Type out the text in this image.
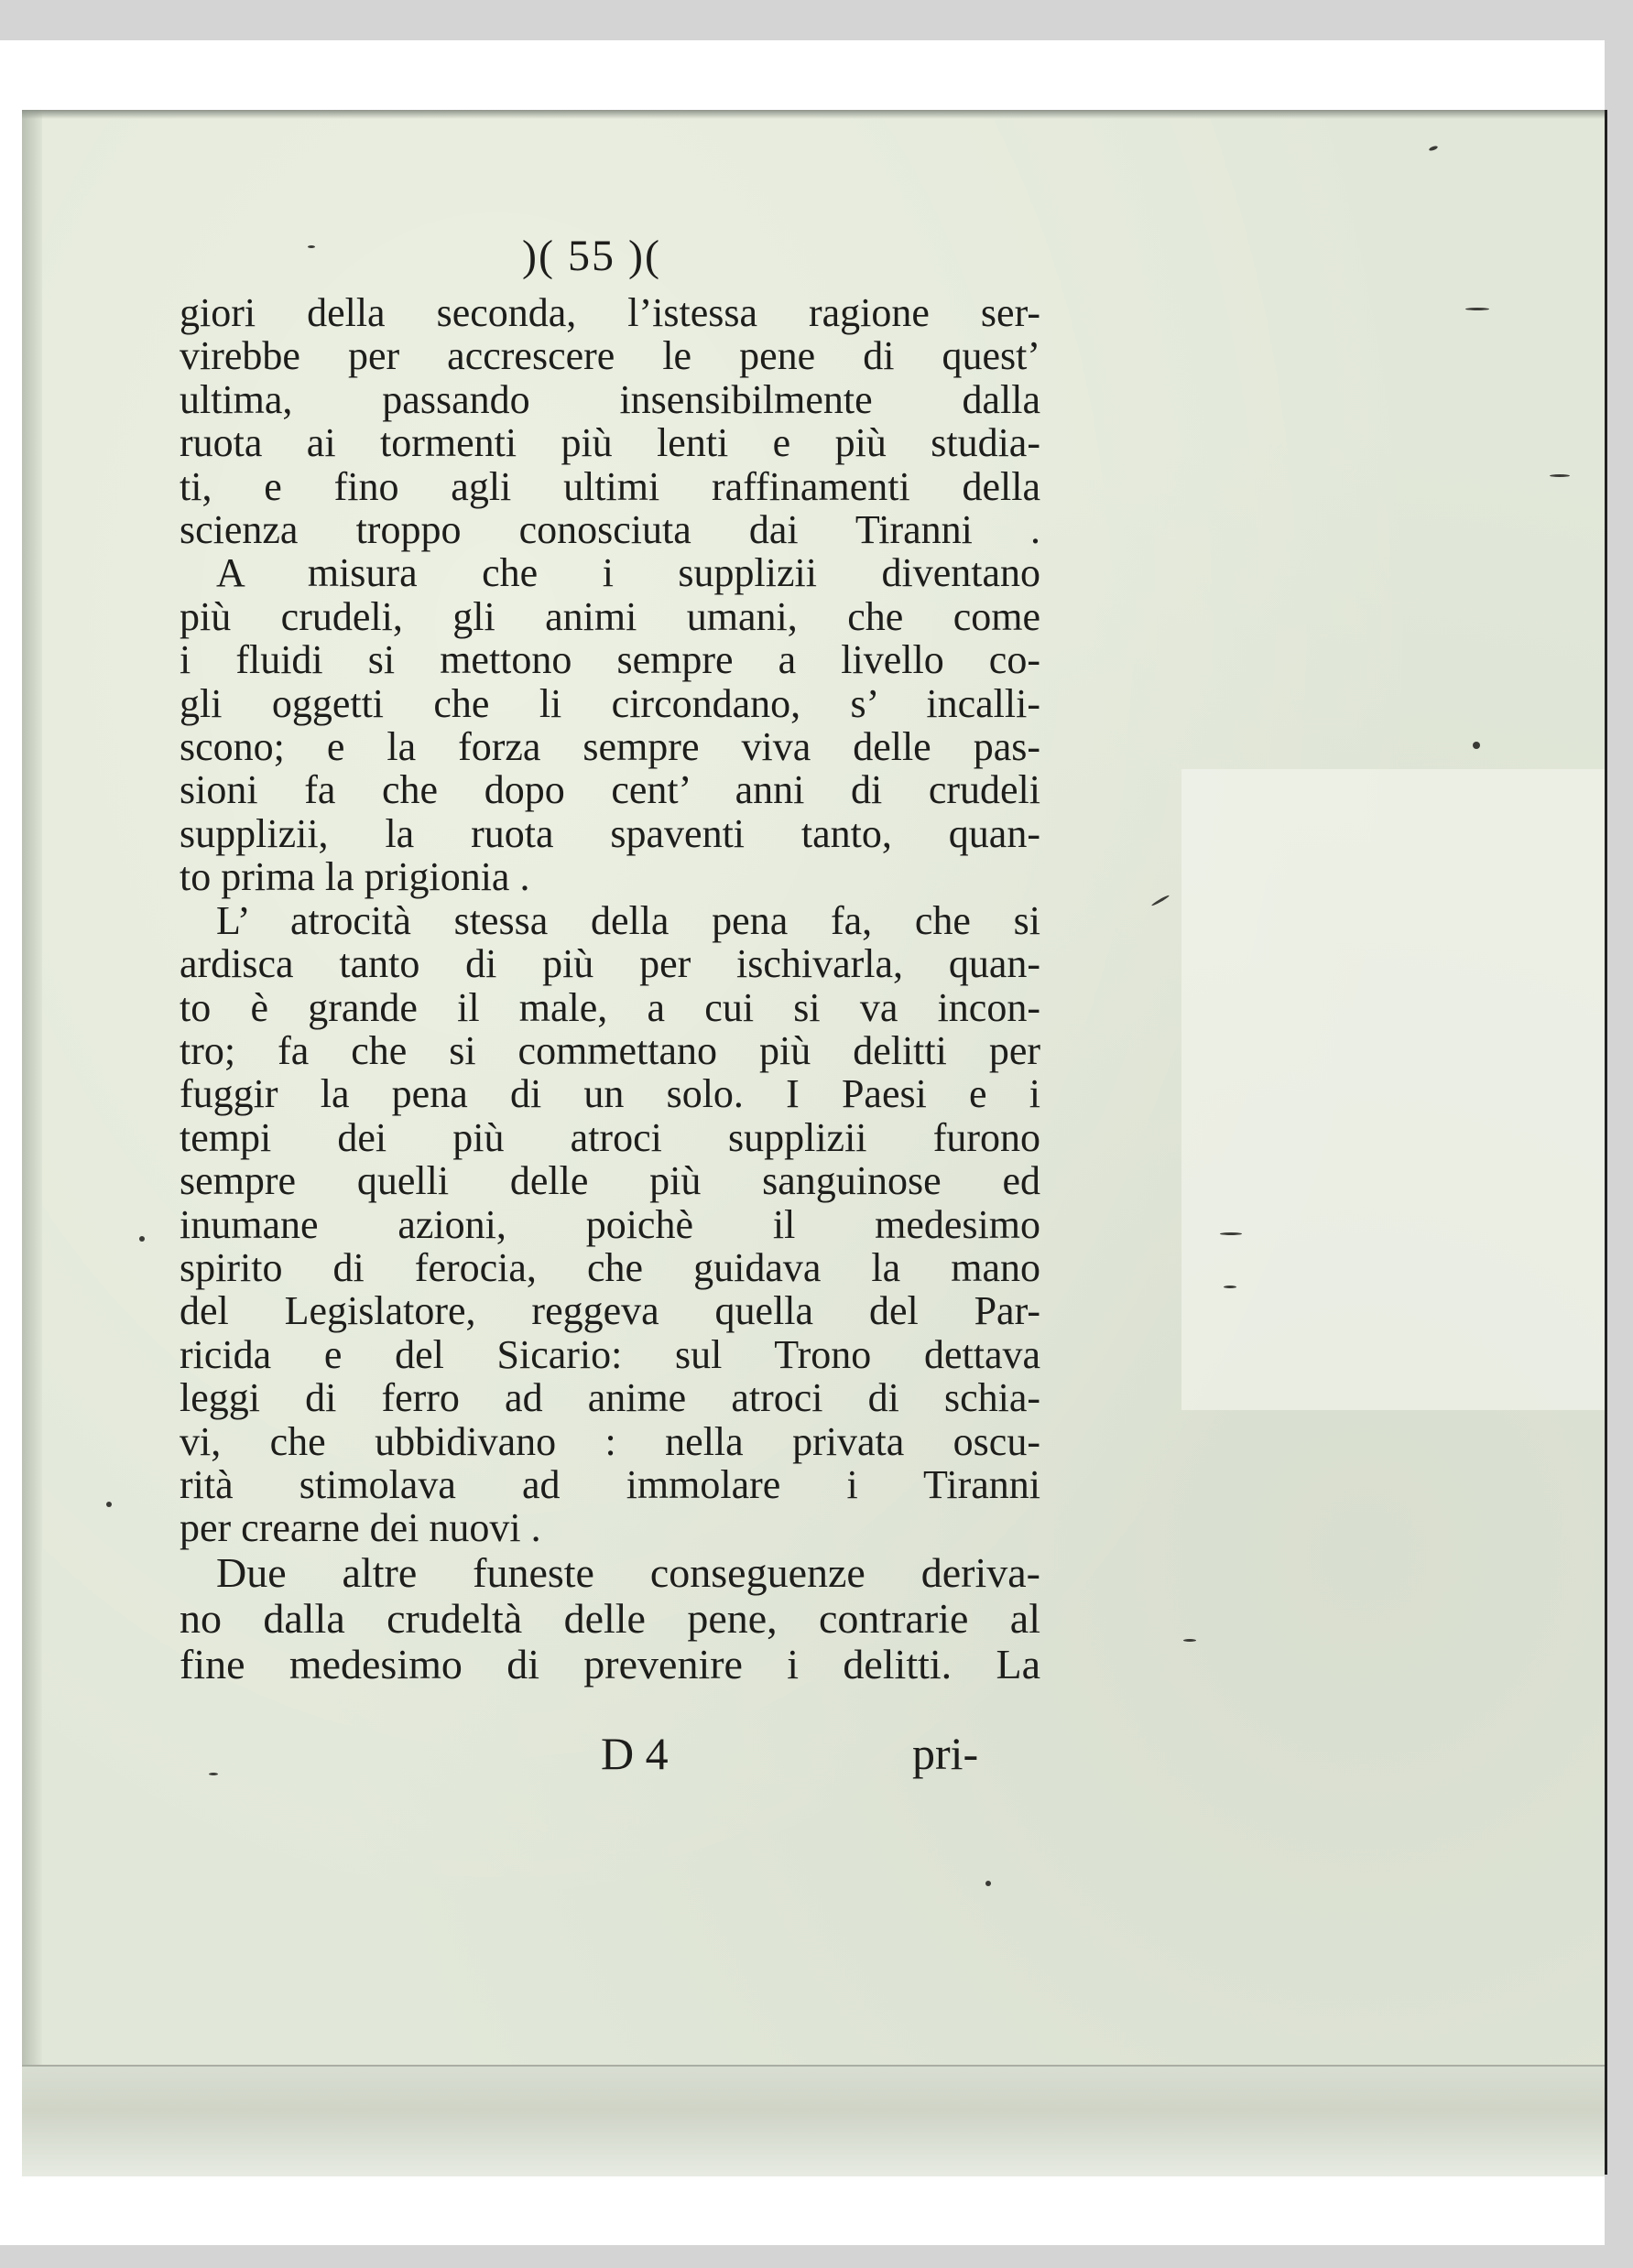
)( 55 )(
giori della seconda, l’istessa ragione ser-
virebbe per accrescere le pene di quest’
ultima, passando insensibilmente dalla
ruota ai tormenti più lenti e più studia-
ti, e fino agli ultimi raffinamenti della
scienza troppo conosciuta dai Tiranni .
A misura che i supplizii diventano
più crudeli, gli animi umani, che come
i fluidi si mettono sempre a livello co-
gli oggetti che li circondano, s’ incalli-
scono; e la forza sempre viva delle pas-
sioni fa che dopo cent’ anni di crudeli
supplizii, la ruota spaventi tanto, quan-
to prima la prigionia .
L’ atrocità stessa della pena fa, che si
ardisca tanto di più per ischivarla, quan-
to è grande il male, a cui si va incon-
tro; fa che si commettano più delitti per
fuggir la pena di un solo. I Paesi e i
tempi dei più atroci supplizii furono
sempre quelli delle più sanguinose ed
inumane azioni, poichè il medesimo
spirito di ferocia, che guidava la mano
del Legislatore, reggeva quella del Par-
ricida e del Sicario: sul Trono dettava
leggi di ferro ad anime atroci di schia-
vi, che ubbidivano : nella privata oscu-
rità stimolava ad immolare i Tiranni
per crearne dei nuovi .
Due altre funeste conseguenze deriva-
no dalla crudeltà delle pene, contrarie al
fine medesimo di prevenire i delitti. La
D 4	pri-
